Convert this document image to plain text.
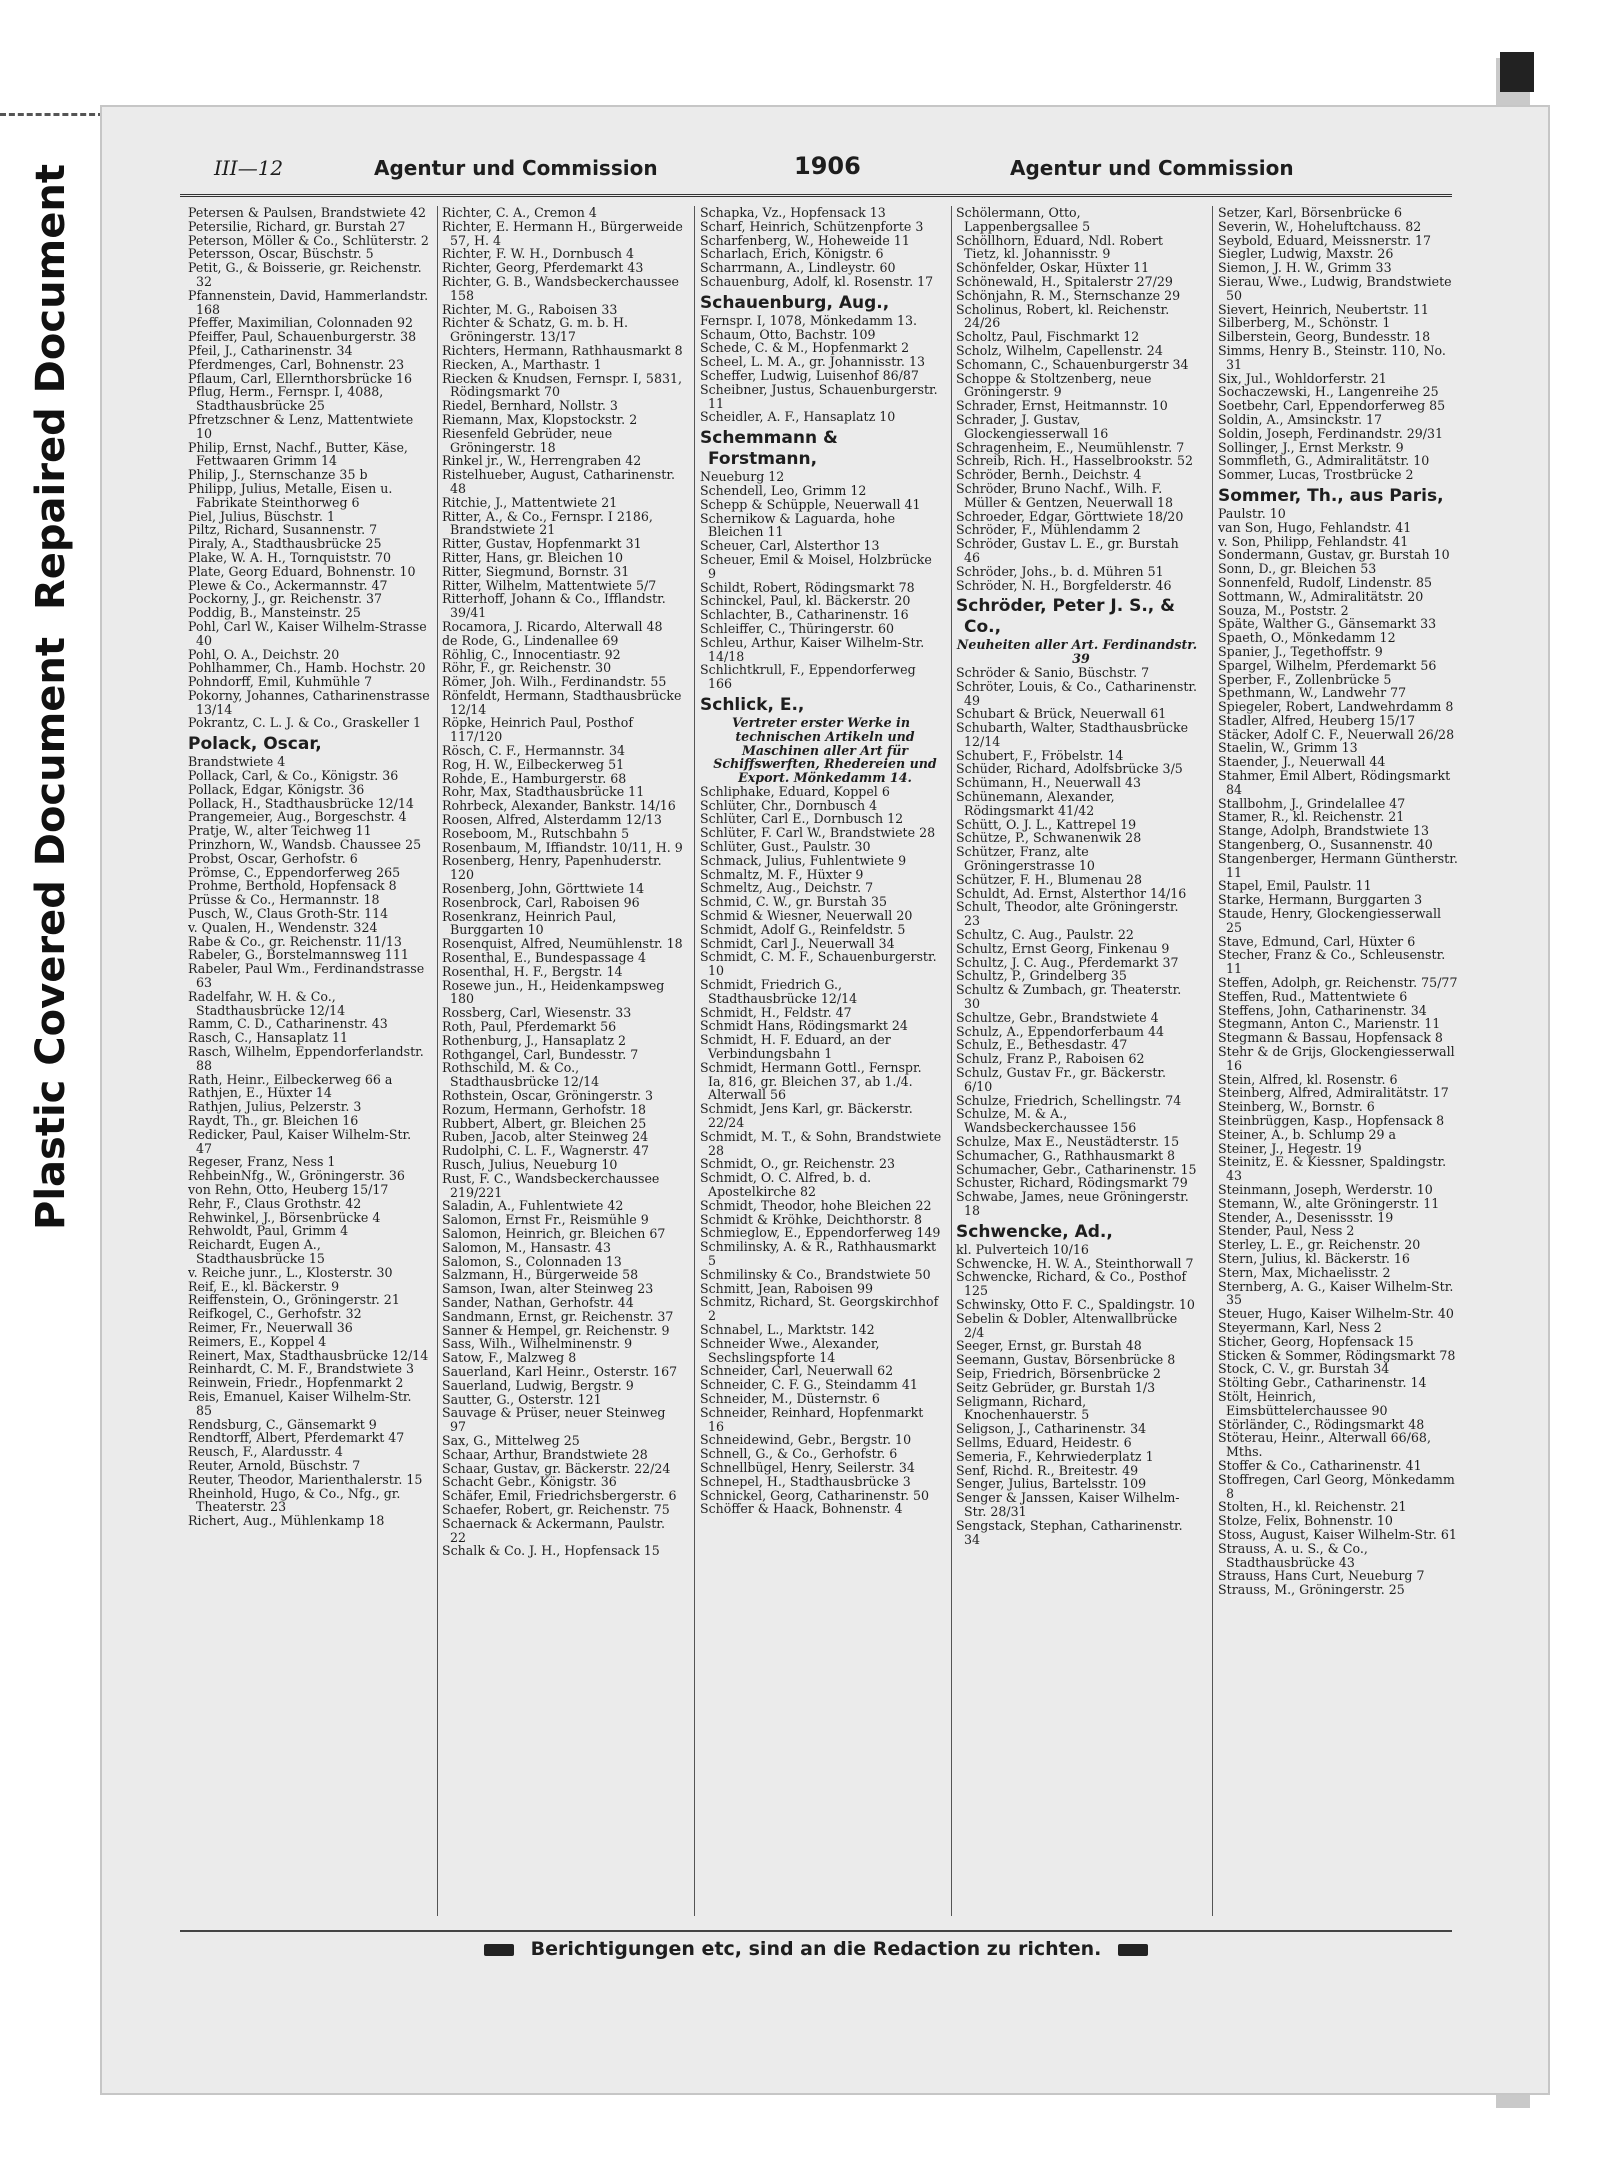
Plastic Covered Document
Repaired Document	III—12	Agentur und Commission	1906	Agentur und Commission

Petersen & Paulsen, Brandstwiete 42

Petersilie, Richard, gr. Burstah 27

Peterson, Möller & Co., Schlüterstr. 2

Petersson, Oscar, Büschstr. 5

Petit, G., & Boisserie, gr. Reichenstr. 32

Pfannenstein, David, Hammerlandstr. 168

Pfeffer, Maximilian, Colonnaden 92

Pfeiffer, Paul, Schauenburgerstr. 38

Pfeil, J., Catharinenstr. 34

Pferdmenges, Carl, Bohnenstr. 23

Pflaum, Carl, Ellernthorsbrücke 16

Pflug, Herm., Fernspr. I, 4088, Stadthausbrücke 25

Pfretzschner & Lenz, Mattentwiete 10

Philip, Ernst, Nachf., Butter, Käse, Fettwaaren Grimm 14

Philip, J., Sternschanze 35 b

Philipp, Julius, Metalle, Eisen u. Fabrikate Steinthorweg 6

Piel, Julius, Büschstr. 1

Piltz, Richard, Susannenstr. 7

Piraly, A., Stadthausbrücke 25

Plake, W. A. H., Tornquiststr. 70

Plate, Georg Eduard, Bohnenstr. 10

Plewe & Co., Ackermannstr. 47

Pockorny, J., gr. Reichenstr. 37

Poddig, B., Mansteinstr. 25

Pohl, Carl W., Kaiser Wilhelm-Strasse 40

Pohl, O. A., Deichstr. 20

Pohlhammer, Ch., Hamb. Hochstr. 20

Pohndorff, Emil, Kuhmühle 7

Pokorny, Johannes, Catharinenstrasse 13/14

Pokrantz, C. L. J. & Co., Graskeller 1

Polack, Oscar,

Brandstwiete 4

Pollack, Carl, & Co., Königstr. 36

Pollack, Edgar, Königstr. 36

Pollack, H., Stadthausbrücke 12/14

Prangemeier, Aug., Borgeschstr. 4

Pratje, W., alter Teichweg 11

Prinzhorn, W., Wandsb. Chaussee 25

Probst, Oscar, Gerhofstr. 6

Prömse, C., Eppendorferweg 265

Prohme, Berthold, Hopfensack 8

Prüsse & Co., Hermannstr. 18

Pusch, W., Claus Groth-Str. 114

v. Qualen, H., Wendenstr. 324

Rabe & Co., gr. Reichenstr. 11/13

Rabeler, G., Borstelmannsweg 111

Rabeler, Paul Wm., Ferdinandstrasse 63

Radelfahr, W. H. & Co., Stadthausbrücke 12/14

Ramm, C. D., Catharinenstr. 43

Rasch, C., Hansaplatz 11

Rasch, Wilhelm, Eppendorferlandstr. 88

Rath, Heinr., Eilbeckerweg 66 a

Rathjen, E., Hüxter 14

Rathjen, Julius, Pelzerstr. 3

Raydt, Th., gr. Bleichen 16

Redicker, Paul, Kaiser Wilhelm-Str. 47

Regeser, Franz, Ness 1

RehbeinNfg., W., Gröningerstr. 36

von Rehn, Otto, Heuberg 15/17

Rehr, F., Claus Grothstr. 42

Rehwinkel, J., Börsenbrücke 4

Rehwoldt, Paul, Grimm 4

Reichardt, Eugen A., Stadthausbrücke 15

v. Reiche junr., L., Klosterstr. 30

Reif, E., kl. Bäckerstr. 9

Reiffenstein, O., Gröningerstr. 21

Reifkogel, C., Gerhofstr. 32

Reimer, Fr., Neuerwall 36

Reimers, E., Koppel 4

Reinert, Max, Stadthausbrücke 12/14

Reinhardt, C. M. F., Brandstwiete 3

Reinwein, Friedr., Hopfenmarkt 2

Reis, Emanuel, Kaiser Wilhelm-Str. 85

Rendsburg, C., Gänsemarkt 9

Rendtorff, Albert, Pferdemarkt 47

Reusch, F., Alardusstr. 4

Reuter, Arnold, Büschstr. 7

Reuter, Theodor, Marienthalerstr. 15

Rheinhold, Hugo, & Co., Nfg., gr. Theaterstr. 23

Richert, Aug., Mühlenkamp 18

Richter, C. A., Cremon 4

Richter, E. Hermann H., Bürgerweide 57, H. 4

Richter, F. W. H., Dornbusch 4

Richter, Georg, Pferdemarkt 43

Richter, G. B., Wandsbeckerchaussee 158

Richter, M. G., Raboisen 33

Richter & Schatz, G. m. b. H. Gröningerstr. 13/17

Richters, Hermann, Rathhausmarkt 8

Riecken, A., Marthastr. 1

Riecken & Knudsen, Fernspr. I, 5831, Rödingsmarkt 70

Riedel, Bernhard, Nollstr. 3

Riemann, Max, Klopstockstr. 2

Riesenfeld Gebrüder, neue Gröningerstr. 18

Rinkel jr., W., Herrengraben 42

Ristelhueber, August, Catharinenstr. 48

Ritchie, J., Mattentwiete 21

Ritter, A., & Co., Fernspr. I 2186, Brandstwiete 21

Ritter, Gustav, Hopfenmarkt 31

Ritter, Hans, gr. Bleichen 10

Ritter, Siegmund, Bornstr. 31

Ritter, Wilhelm, Mattentwiete 5/7

Ritterhoff, Johann & Co., Ifflandstr. 39/41

Rocamora, J. Ricardo, Alterwall 48

de Rode, G., Lindenallee 69

Röhlig, C., Innocentiastr. 92

Röhr, F., gr. Reichenstr. 30

Römer, Joh. Wilh., Ferdinandstr. 55

Rönfeldt, Hermann, Stadthausbrücke 12/14

Röpke, Heinrich Paul, Posthof 117/120

Rösch, C. F., Hermannstr. 34

Rog, H. W., Eilbeckerweg 51

Rohde, E., Hamburgerstr. 68

Rohr, Max, Stadthausbrücke 11

Rohrbeck, Alexander, Bankstr. 14/16

Roosen, Alfred, Alsterdamm 12/13

Roseboom, M., Rutschbahn 5

Rosenbaum, M, Iffiandstr. 10/11, H. 9

Rosenberg, Henry, Papenhuderstr. 120

Rosenberg, John, Görttwiete 14

Rosenbrock, Carl, Raboisen 96

Rosenkranz, Heinrich Paul, Burggarten 10

Rosenquist, Alfred, Neumühlenstr. 18

Rosenthal, E., Bundespassage 4

Rosenthal, H. F., Bergstr. 14

Rosewe jun., H., Heidenkampsweg 180

Rossberg, Carl, Wiesenstr. 33

Roth, Paul, Pferdemarkt 56

Rothenburg, J., Hansaplatz 2

Rothgangel, Carl, Bundesstr. 7

Rothschild, M. & Co., Stadthausbrücke 12/14

Rothstein, Oscar, Gröningerstr. 3

Rozum, Hermann, Gerhofstr. 18

Rubbert, Albert, gr. Bleichen 25

Ruben, Jacob, alter Steinweg 24

Rudolphi, C. L. F., Wagnerstr. 47

Rusch, Julius, Neueburg 10

Rust, F. C., Wandsbeckerchaussee 219/221

Saladin, A., Fuhlentwiete 42

Salomon, Ernst Fr., Reismühle 9

Salomon, Heinrich, gr. Bleichen 67

Salomon, M., Hansastr. 43

Salomon, S., Colonnaden 13

Salzmann, H., Bürgerweide 58

Samson, Iwan, alter Steinweg 23

Sander, Nathan, Gerhofstr. 44

Sandmann, Ernst, gr. Reichenstr. 37

Sanner & Hempel, gr. Reichenstr. 9

Sass, Wilh., Wilhelminenstr. 9

Satow, F., Malzweg 8

Sauerland, Karl Heinr., Osterstr. 167

Sauerland, Ludwig, Bergstr. 9

Sautter, G., Osterstr. 121

Sauvage & Prüser, neuer Steinweg 97

Sax, G., Mittelweg 25

Schaar, Arthur, Brandstwiete 28

Schaar, Gustav, gr. Bäckerstr. 22/24

Schacht Gebr., Königstr. 36

Schäfer, Emil, Friedrichsbergerstr. 6

Schaefer, Robert, gr. Reichenstr. 75

Schaernack & Ackermann, Paulstr. 22

Schalk & Co. J. H., Hopfensack 15

Schapka, Vz., Hopfensack 13

Scharf, Heinrich, Schützenpforte 3

Scharfenberg, W., Hoheweide 11

Scharlach, Erich, Königstr. 6

Scharrmann, A., Lindleystr. 60

Schauenburg, Adolf, kl. Rosenstr. 17

Schauenburg, Aug.,

Fernspr. I, 1078, Mönkedamm 13.

Schaum, Otto, Bachstr. 109

Schede, C. & M., Hopfenmarkt 2

Scheel, L. M. A., gr. Johannisstr. 13

Scheffer, Ludwig, Luisenhof 86/87

Scheibner, Justus, Schauenburgerstr. 11

Scheidler, A. F., Hansaplatz 10

Schemmann & Forstmann,

Neueburg 12

Schendell, Leo, Grimm 12

Schepp & Schüpple, Neuerwall 41

Schernikow & Laguarda, hohe Bleichen 11

Scheuer, Carl, Alsterthor 13

Scheuer, Emil & Moisel, Holzbrücke 9

Schildt, Robert, Rödingsmarkt 78

Schinckel, Paul, kl. Bäckerstr. 20

Schlachter, B., Catharinenstr. 16

Schleiffer, C., Thüringerstr. 60

Schleu, Arthur, Kaiser Wilhelm-Str. 14/18

Schlichtkrull, F., Eppendorferweg 166

Schlick, E.,

Vertreter erster Werke in technischen Artikeln und Maschinen aller Art für Schiffswerften, Rhedereien und Export. Mönkedamm 14.

Schliphake, Eduard, Koppel 6

Schlüter, Chr., Dornbusch 4

Schlüter, Carl E., Dornbusch 12

Schlüter, F. Carl W., Brandstwiete 28

Schlüter, Gust., Paulstr. 30

Schmack, Julius, Fuhlentwiete 9

Schmaltz, M. F., Hüxter 9

Schmeltz, Aug., Deichstr. 7

Schmid, C. W., gr. Burstah 35

Schmid & Wiesner, Neuerwall 20

Schmidt, Adolf G., Reinfeldstr. 5

Schmidt, Carl J., Neuerwall 34

Schmidt, C. M. F., Schauenburgerstr. 10

Schmidt, Friedrich G., Stadthausbrücke 12/14

Schmidt, H., Feldstr. 47

Schmidt Hans, Rödingsmarkt 24

Schmidt, H. F. Eduard, an der Verbindungsbahn 1

Schmidt, Hermann Gottl., Fernspr. Ia, 816, gr. Bleichen 37, ab 1./4. Alterwall 56

Schmidt, Jens Karl, gr. Bäckerstr. 22/24

Schmidt, M. T., & Sohn, Brandstwiete 28

Schmidt, O., gr. Reichenstr. 23

Schmidt, O. C. Alfred, b. d. Apostelkirche 82

Schmidt, Theodor, hohe Bleichen 22

Schmidt & Kröhke, Deichthorstr. 8

Schmieglow, E., Eppendorferweg 149

Schmilinsky, A. & R., Rathhausmarkt 5

Schmilinsky & Co., Brandstwiete 50

Schmitt, Jean, Raboisen 99

Schmitz, Richard, St. Georgskirchhof 2

Schnabel, L., Marktstr. 142

Schneider Wwe., Alexander, Sechslingspforte 14

Schneider, Carl, Neuerwall 62

Schneider, C. F. G., Steindamm 41

Schneider, M., Düsternstr. 6

Schneider, Reinhard, Hopfenmarkt 16

Schneidewind, Gebr., Bergstr. 10

Schnell, G., & Co., Gerhofstr. 6

Schnellbügel, Henry, Seilerstr. 34

Schnepel, H., Stadthausbrücke 3

Schnickel, Georg, Catharinenstr. 50

Schöffer & Haack, Bohnenstr. 4

Schölermann, Otto, Lappenbergsallee 5

Schöllhorn, Eduard, Ndl. Robert Tietz, kl. Johannisstr. 9

Schönfelder, Oskar, Hüxter 11

Schönewald, H., Spitalerstr 27/29

Schönjahn, R. M., Sternschanze 29

Scholinus, Robert, kl. Reichenstr. 24/26

Scholtz, Paul, Fischmarkt 12

Scholz, Wilhelm, Capellenstr. 24

Schomann, C., Schauenburgerstr 34

Schoppe & Stoltzenberg, neue Gröningerstr. 9

Schrader, Ernst, Heitmannstr. 10

Schrader, J. Gustav, Glockengiesserwall 16

Schragenheim, E., Neumühlenstr. 7

Schreib, Rich. H., Hasselbrookstr. 52

Schröder, Bernh., Deichstr. 4

Schröder, Bruno Nachf., Wilh. F. Müller & Gentzen, Neuerwall 18

Schroeder, Edgar, Görttwiete 18/20

Schröder, F., Mühlendamm 2

Schröder, Gustav L. E., gr. Burstah 46

Schröder, Johs., b. d. Mühren 51

Schröder, N. H., Borgfelderstr. 46

Schröder, Peter J. S., & Co.,

Neuheiten aller Art. Ferdinandstr. 39

Schröder & Sanio, Büschstr. 7

Schröter, Louis, & Co., Catharinenstr. 49

Schubart & Brück, Neuerwall 61

Schubarth, Walter, Stadthausbrücke 12/14

Schubert, F., Fröbelstr. 14

Schüder, Richard, Adolfsbrücke 3/5

Schümann, H., Neuerwall 43

Schünemann, Alexander, Rödingsmarkt 41/42

Schütt, O. J. L., Kattrepel 19

Schütze, P., Schwanenwik 28

Schützer, Franz, alte Gröningerstrasse 10

Schützer, F. H., Blumenau 28

Schuldt, Ad. Ernst, Alsterthor 14/16

Schult, Theodor, alte Gröningerstr. 23

Schultz, C. Aug., Paulstr. 22

Schultz, Ernst Georg, Finkenau 9

Schultz, J. C. Aug., Pferdemarkt 37

Schultz, P., Grindelberg 35

Schultz & Zumbach, gr. Theaterstr. 30

Schultze, Gebr., Brandstwiete 4

Schulz, A., Eppendorferbaum 44

Schulz, E., Bethesdastr. 47

Schulz, Franz P., Raboisen 62

Schulz, Gustav Fr., gr. Bäckerstr. 6/10

Schulze, Friedrich, Schellingstr. 74

Schulze, M. & A., Wandsbeckerchaussee 156

Schulze, Max E., Neustädterstr. 15

Schumacher, G., Rathhausmarkt 8

Schumacher, Gebr., Catharinenstr. 15

Schuster, Richard, Rödingsmarkt 79

Schwabe, James, neue Gröningerstr. 18

Schwencke, Ad.,

kl. Pulverteich 10/16

Schwencke, H. W. A., Steinthorwall 7

Schwencke, Richard, & Co., Posthof 125

Schwinsky, Otto F. C., Spaldingstr. 10

Sebelin & Dobler, Altenwallbrücke 2/4

Seeger, Ernst, gr. Burstah 48

Seemann, Gustav, Börsenbrücke 8

Seip, Friedrich, Börsenbrücke 2

Seitz Gebrüder, gr. Burstah 1/3

Seligmann, Richard, Knochenhauerstr. 5

Seligson, J., Catharinenstr. 34

Sellms, Eduard, Heidestr. 6

Semeria, F., Kehrwiederplatz 1

Senf, Richd. R., Breitestr. 49

Senger, Julius, Bartelsstr. 109

Senger & Janssen, Kaiser Wilhelm-Str. 28/31

Sengstack, Stephan, Catharinenstr. 34

Setzer, Karl, Börsenbrücke 6

Severin, W., Hoheluftchauss. 82

Seybold, Eduard, Meissnerstr. 17

Siegler, Ludwig, Maxstr. 26

Siemon, J. H. W., Grimm 33

Sierau, Wwe., Ludwig, Brandstwiete 50

Sievert, Heinrich, Neubertstr. 11

Silberberg, M., Schönstr. 1

Silberstein, Georg, Bundesstr. 18

Simms, Henry B., Steinstr. 110, No. 31

Six, Jul., Wohldorferstr. 21

Sochaczewski, H., Langenreihe 25

Soetbehr, Carl, Eppendorferweg 85

Soldin, A., Amsinckstr. 17

Soldin, Joseph, Ferdinandstr. 29/31

Sollinger, J., Ernst Merkstr. 9

Sommfleth, G., Admiralitätstr. 10

Sommer, Lucas, Trostbrücke 2

Sommer, Th., aus Paris,

Paulstr. 10

van Son, Hugo, Fehlandstr. 41

v. Son, Philipp, Fehlandstr. 41

Sondermann, Gustav, gr. Burstah 10

Sonn, D., gr. Bleichen 53

Sonnenfeld, Rudolf, Lindenstr. 85

Sottmann, W., Admiralitätstr. 20

Souza, M., Poststr. 2

Späte, Walther G., Gänsemarkt 33

Spaeth, O., Mönkedamm 12

Spanier, J., Tegethoffstr. 9

Spargel, Wilhelm, Pferdemarkt 56

Sperber, F., Zollenbrücke 5

Spethmann, W., Landwehr 77

Spiegeler, Robert, Landwehrdamm 8

Stadler, Alfred, Heuberg 15/17

Stäcker, Adolf C. F., Neuerwall 26/28

Staelin, W., Grimm 13

Staender, J., Neuerwall 44

Stahmer, Emil Albert, Rödingsmarkt 84

Stallbohm, J., Grindelallee 47

Stamer, R., kl. Reichenstr. 21

Stange, Adolph, Brandstwiete 13

Stangenberg, O., Susannenstr. 40

Stangenberger, Hermann Güntherstr. 11

Stapel, Emil, Paulstr. 11

Starke, Hermann, Burggarten 3

Staude, Henry, Glockengiesserwall 25

Stave, Edmund, Carl, Hüxter 6

Stecher, Franz & Co., Schleusenstr. 11

Steffen, Adolph, gr. Reichenstr. 75/77

Steffen, Rud., Mattentwiete 6

Steffens, John, Catharinenstr. 34

Stegmann, Anton C., Marienstr. 11

Stegmann & Bassau, Hopfensack 8

Stehr & de Grijs, Glockengiesserwall 16

Stein, Alfred, kl. Rosenstr. 6

Steinberg, Alfred, Admiralitätstr. 17

Steinberg, W., Bornstr. 6

Steinbrüggen, Kasp., Hopfensack 8

Steiner, A., b. Schlump 29 a

Steiner, J., Hegestr. 19

Steinitz, E. & Kiessner, Spaldingstr. 43

Steinmann, Joseph, Werderstr. 10

Stemann, W., alte Gröningerstr. 11

Stender, A., Desenissstr. 19

Stender, Paul, Ness 2

Sterley, L. E., gr. Reichenstr. 20

Stern, Julius, kl. Bäckerstr. 16

Stern, Max, Michaelisstr. 2

Sternberg, A. G., Kaiser Wilhelm-Str. 35

Steuer, Hugo, Kaiser Wilhelm-Str. 40

Steyermann, Karl, Ness 2

Sticher, Georg, Hopfensack 15

Sticken & Sommer, Rödingsmarkt 78

Stock, C. V., gr. Burstah 34

Stölting Gebr., Catharinenstr. 14

Stölt, Heinrich, Eimsbüttelerchaussee 90

Störländer, C., Rödingsmarkt 48

Stöterau, Heinr., Alterwall 66/68, Mths.

Stoffer & Co., Catharinenstr. 41

Stoffregen, Carl Georg, Mönkedamm 8

Stolten, H., kl. Reichenstr. 21

Stolze, Felix, Bohnenstr. 10

Stoss, August, Kaiser Wilhelm-Str. 61

Strauss, A. u. S., & Co., Stadthausbrücke 43

Strauss, Hans Curt, Neueburg 7

Strauss, M., Gröningerstr. 25

Berichtigungen etc, sind an die Redaction zu richten.
